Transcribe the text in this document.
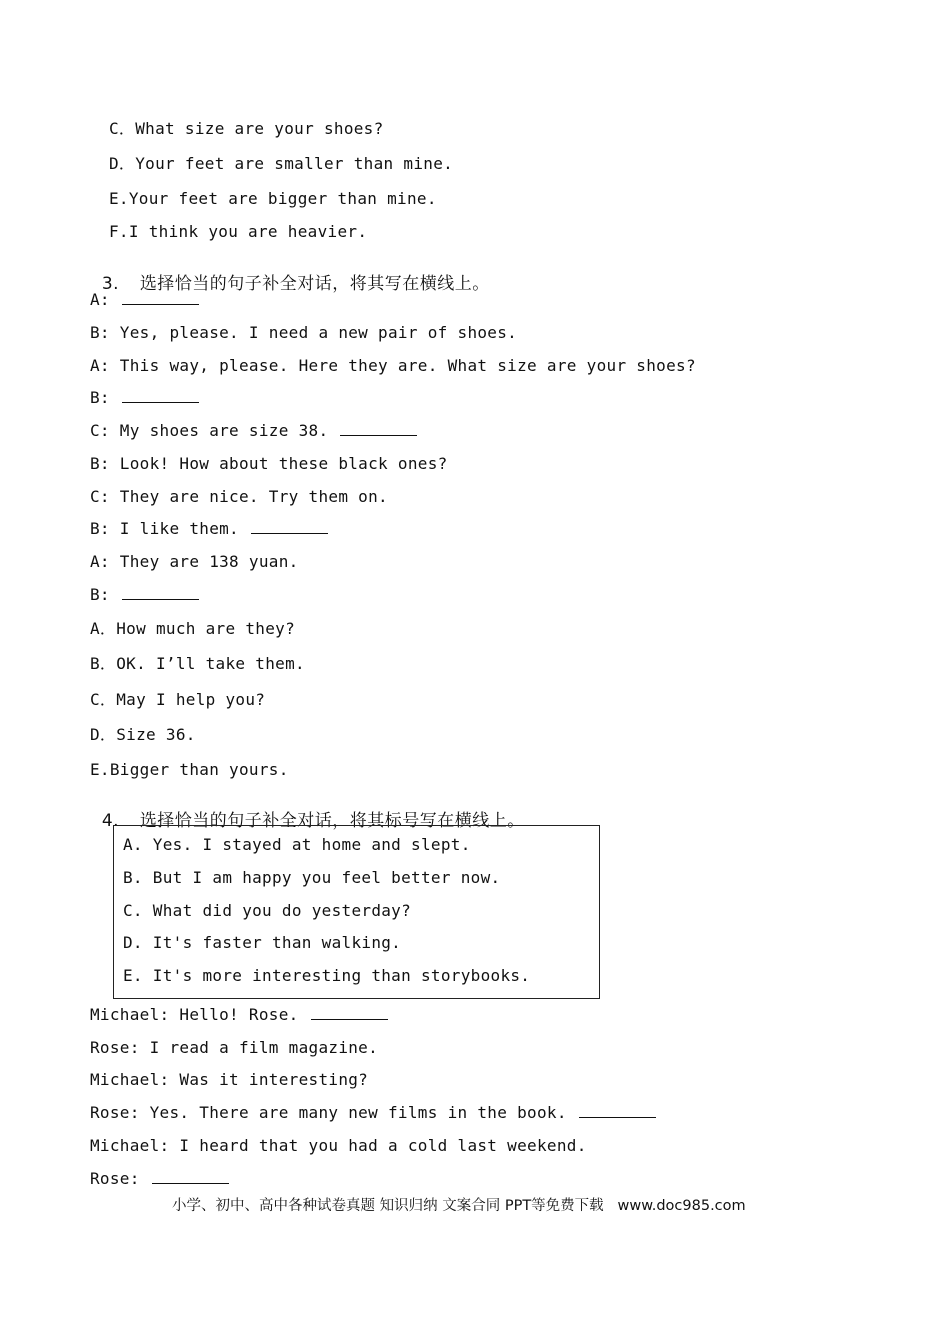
C．What size are your shoes?
D．Your feet are smaller than mine.
E.Your feet are bigger than mine.
F.I think you are heavier.

3. 选择恰当的句子补全对话，将其写在横线上。

A:
B: Yes, please. I need a new pair of shoes.
A: This way, please. Here they are. What size are your shoes?
B:
C: My shoes are size 38.
B: Look! How about these black ones?
C: They are nice. Try them on.
B: I like them.
A: They are 138 yuan.
B:
A．How much are they?
B．OK. I’ll take them.
C．May I help you?
D．Size 36.
E.Bigger than yours.

4. 选择恰当的句子补全对话，将其标号写在横线上。

A. Yes. I stayed at home and slept.
B. But I am happy you feel better now.
C. What did you do yesterday?
D. It's faster than walking.
E. It's more interesting than storybooks.
Michael: Hello! Rose.
Rose: I read a film magazine.
Michael: Was it interesting?
Rose: Yes. There are many new films in the book.
Michael: I heard that you had a cold last weekend.
Rose:
小学、初中、高中各种试卷真题 知识归纳 文案合同 PPT等免费下载   www.doc985.com
